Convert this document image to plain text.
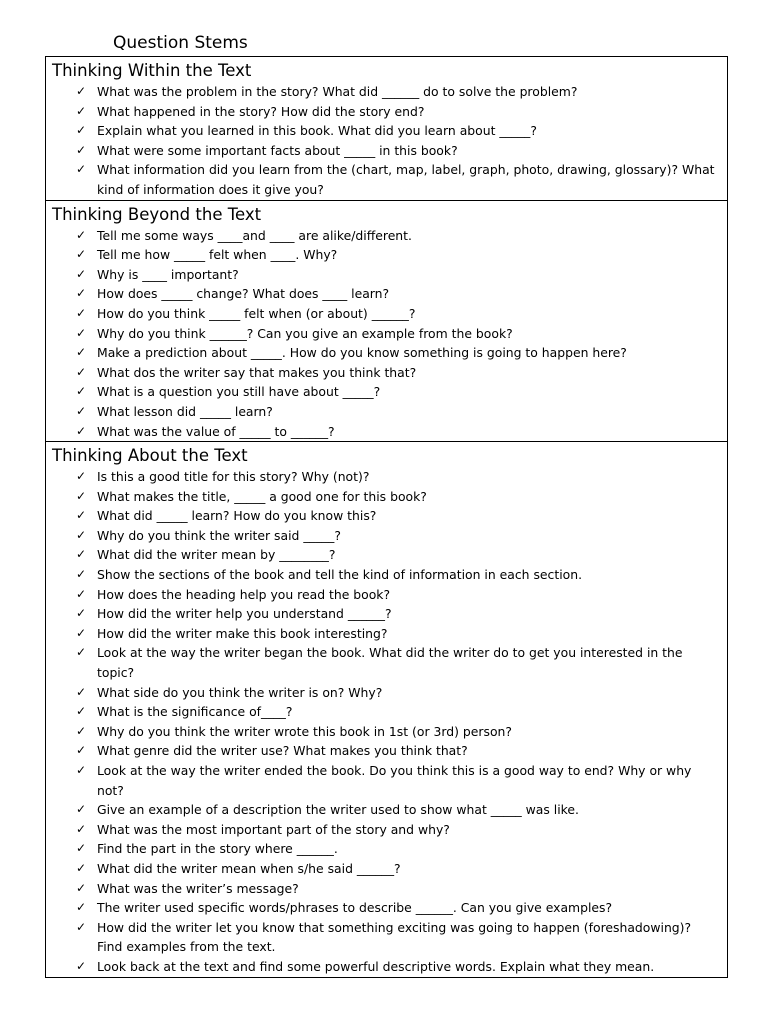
Question Stems
Thinking Within the Text
✓ What was the problem in the story? What did ______ do to solve the problem?
✓ What happened in the story? How did the story end?
✓ Explain what you learned in this book. What did you learn about _____?
✓ What were some important facts about _____ in this book?
✓ What information did you learn from the (chart, map, label, graph, photo, drawing, glossary)? What kind of information does it give you?
Thinking Beyond the Text
✓ Tell me some ways ____and ____ are alike/different.
✓ Tell me how _____ felt when ____. Why?
✓ Why is ____ important?
✓ How does _____ change? What does ____ learn?
✓ How do you think _____ felt when (or about) ______?
✓ Why do you think ______? Can you give an example from the book?
✓ Make a prediction about _____. How do you know something is going to happen here?
✓ What dos the writer say that makes you think that?
✓ What is a question you still have about _____?
✓ What lesson did _____ learn?
✓ What was the value of _____ to ______?
Thinking About the Text
✓ Is this a good title for this story? Why (not)?
✓ What makes the title, _____ a good one for this book?
✓ What did _____ learn? How do you know this?
✓ Why do you think the writer said _____?
✓ What did the writer mean by ________?
✓ Show the sections of the book and tell the kind of information in each section.
✓ How does the heading help you read the book?
✓ How did the writer help you understand ______?
✓ How did the writer make this book interesting?
✓ Look at the way the writer began the book. What did the writer do to get you interested in the topic?
✓ What side do you think the writer is on? Why?
✓ What is the significance of____?
✓ Why do you think the writer wrote this book in 1st (or 3rd) person?
✓ What genre did the writer use? What makes you think that?
✓ Look at the way the writer ended the book. Do you think this is a good way to end? Why or why not?
✓ Give an example of a description the writer used to show what _____ was like.
✓ What was the most important part of the story and why?
✓ Find the part in the story where ______.
✓ What did the writer mean when s/he said ______?
✓ What was the writer’s message?
✓ The writer used specific words/phrases to describe ______. Can you give examples?
✓ How did the writer let you know that something exciting was going to happen (foreshadowing)? Find examples from the text.
✓ Look back at the text and find some powerful descriptive words. Explain what they mean.
